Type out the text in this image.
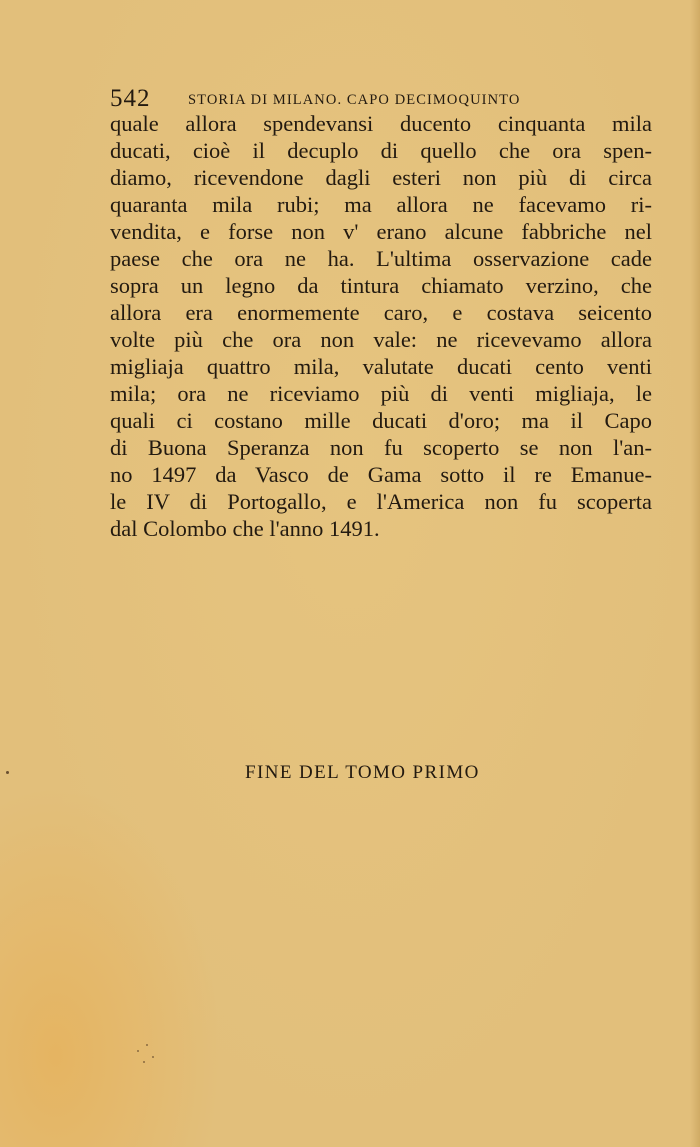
542	STORIA DI MILANO. CAPO DECIMOQUINTO
quale allora spendevansi ducento cinquanta mila
ducati, cioè il decuplo di quello che ora spen-
diamo, ricevendone dagli esteri non più di circa
quaranta mila rubi; ma allora ne facevamo ri-
vendita, e forse non v' erano alcune fabbriche nel
paese che ora ne ha. L'ultima osservazione cade
sopra un legno da tintura chiamato verzino, che
allora era enormemente caro, e costava seicento
volte più che ora non vale: ne ricevevamo allora
migliaja quattro mila, valutate ducati cento venti
mila; ora ne riceviamo più di venti migliaja, le
quali ci costano mille ducati d'oro; ma il Capo
di Buona Speranza non fu scoperto se non l'an-
no 1497 da Vasco de Gama sotto il re Emanue-
le IV di Portogallo, e l'America non fu scoperta
dal Colombo che l'anno 1491.
FINE DEL TOMO PRIMO
